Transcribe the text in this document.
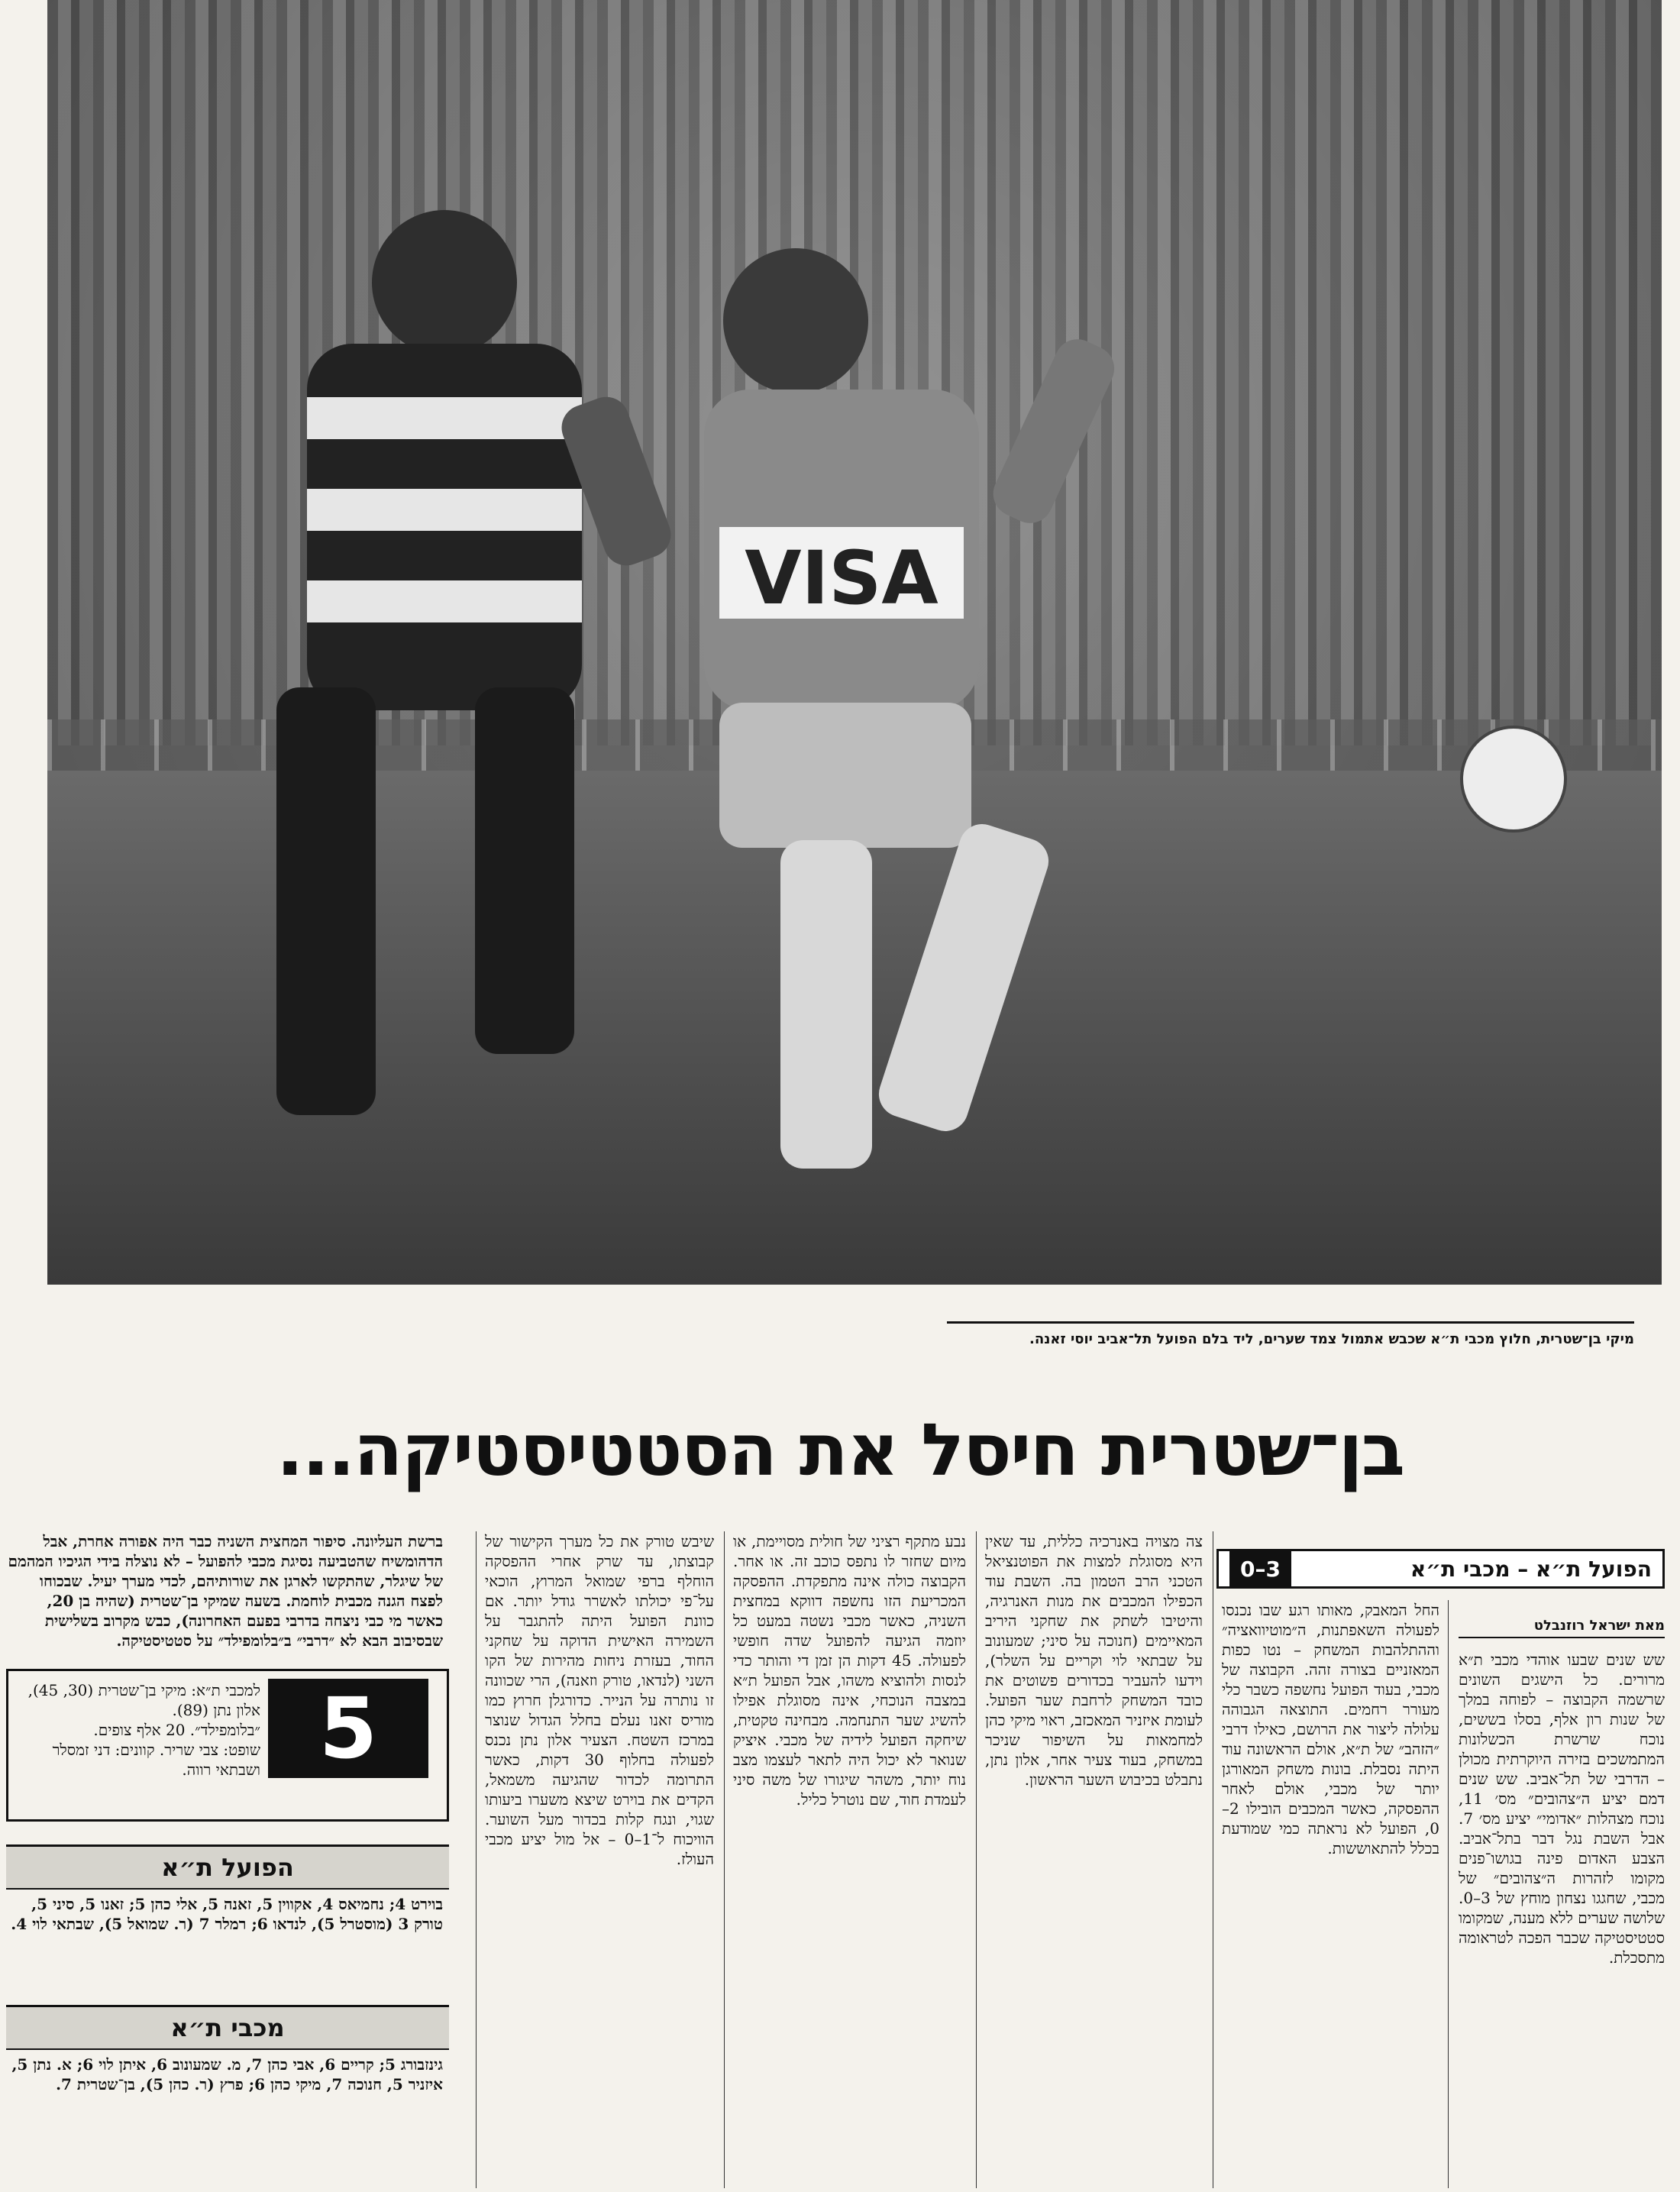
VISA
מיקי בן־שטרית, חלוץ מכבי ת״א שכבש אתמול צמד שערים, ליד בלם הפועל תל־אביב יוסי זאנה.
בן־שטרית חיסל את הסטטיסטיקה...
הפועל ת״א – מכבי ת״א
3–0
מאת ישראל רוזנבלט
שש שנים שבעו אוהדי מכבי ת״א מרורים. כל הישגים השונים שרשמה הקבוצה – לפוחה במלך של שנות רון אלף, בסלו בששים, נוכח שרשרת הכשלונות המתמשכים בזירה היוקרתית מכולן – הדרבי של תל־אביב. שש שנים דמם יציע ה״צהובים״ מס׳ 11, נוכח מצהלות ״אדומי״ יציע מס׳ 7. אבל השבת נגל דבר בתל־אביב. הצבע האדום פינה בגושו־פנים מקומו לזהרות ה״צהובים״ של מכבי, שחגגו נצחון מוחץ של 3–0. שלושה שערים ללא מענה, שמקומו סטטיסטיקה שכבר הפכה לטראומה מתסכלת.
החל המאבק, מאותו רגע שבו נכנסו לפעולה השאפתנות, ה״מוטיוואציה״ וההתלהבות המשחק – נטו כפות המאזניים בצורה זהה. הקבוצה של מכבי, בעוד הפועל נחשפה כשבר כלי מעורר רחמים. התוצאה הגבוהה עלולה ליצור את הרושם, כאילו דרבי ״הזהב״ של ת״א, אולם הראשונה עוד היתה נסבלת. בונות משחק המאורגן יותר של מכבי, אולם לאחר ההפסקה, כאשר המכבים הובילו 2–0, הפועל לא נראתה כמי שמודעת בכלל להתאוששות.
צה מצויה באנרכיה כללית, עד שאין היא מסוגלת למצות את הפוטנציאל הטכני הרב הטמון בה. השבת עוד הכפילו המכבים את מנות האנרגיה, והיטיבו לשתק את שחקני היריב המאיימים (חנוכה על סיני; שמעונוב על שבתאי לוי וקריים על השלר), וידעו להעביר בכדורים פשוטים את כובד המשחק לרחבת שער הפועל. לעומת איזניר המאכזב, ראוי מיקי כהן למחמאות על השיפור שניכר במשחק, בעוד צעיר אחר, אלון נתן, נתבלט בכיבוש השער הראשון.
נבע מתקף רציני של חולית מסויימת, או מיום שחזר לו נתפס כוכב זה. או אחר. הקבוצה כולה אינה מתפקדת. ההפסקה המכריעת הזו נחשפה דווקא במחצית השניה, כאשר מכבי נשטה במעט כל יוזמה הגיעה להפועל שדה חופשי לפעולה. 45 דקות הן זמן די והותר כדי לנסות ולהוציא משהו, אבל הפועל ת״א במצבה הנוכחי, אינה מסוגלת אפילו להשיג שער התנחמה. מבחינה טקטית, שיחקה הפועל לידיה של מכבי. איציק שנואר לא יכול היה לתאר לעצמו מצב נוח יותר, משהר שיגורו של משה סיני לעמדת חוד, שם נוטרל כליל.
שיבש טורק את כל מערך הקישור של קבוצתו, עד שרק אחרי ההפסקה הוחלף ברפי שמואל המרוץ, הוכאי על־פי יכולתו לאשרר גודל יותר. אם כוונת הפועל היתה להתגבר על השמירה האישית הדוקה על שחקני החוד, בעזרת ניחות מהירות של הקו השני (לנדאו, טורק וזאנה), הרי שכוונה זו נותרה על הנייר. כדורגלן חרוץ כמו מוריס זאנו נעלם בחלל הגדול שנוצר במרכז השטח. הצעיר אלון נתן נכנס לפעולה בחלוף 30 דקות, כאשר התרומה לכדור שהגיעה משמאל, הקדים את בוירט שיצא משערו ביעותו שגוי, ונגח קלות בכדור מעל השוער. הוויכוח ל־1–0 – אל מול יציע מכבי העולז.
ברשת העליונה. סיפור המחצית השניה כבר היה אפורה אחרת, אבל הדהומשיח שהטביעה נסיגת מכבי להפועל – לא נוצלה בידי הגיכיו המהמם של שיגלר, שהתקשו לארגן את שורותיהם, לכדי מערך יעיל. שבכוחו לפצח הגנה מכבית לוחמת. בשעה שמיקי בן־שטרית (שהיה בן 20, כאשר מי כבי ניצחה בדרבי בפעם האחרונה), כבש מקרוב בשלישית שבסיבוב הבא לא ״דרבי״ ב״בלומפילד״ על סטטיסטיקה.
5
למכבי ת״א: מיקי בן־שטרית (30, 45), אלון נתן (89).
״בלומפילד״. 20 אלף צופים.
שופט: צבי שריר. קוונים: דני זמסלר ושבתאי רווה.
הפועל ת״א
בוירט 4; נחמיאס 4, אקווין 5, זאנה 5, אלי כהן 5; זאנו 5, סיני 5, טורק 3 (מוסטרל 5), לנדאו 6; רמלר 7 (ר. שמואל 5), שבתאי לוי 4.
מכבי ת״א
גינזבורג 5; קריים 6, אבי כהן 7, מ. שמעונוב 6, איתן לוי 6; א. נתן 5, איזניר 5, חנוכה 7, מיקי כהן 6; פרץ (ר. כהן 5), בן־שטרית 7.
